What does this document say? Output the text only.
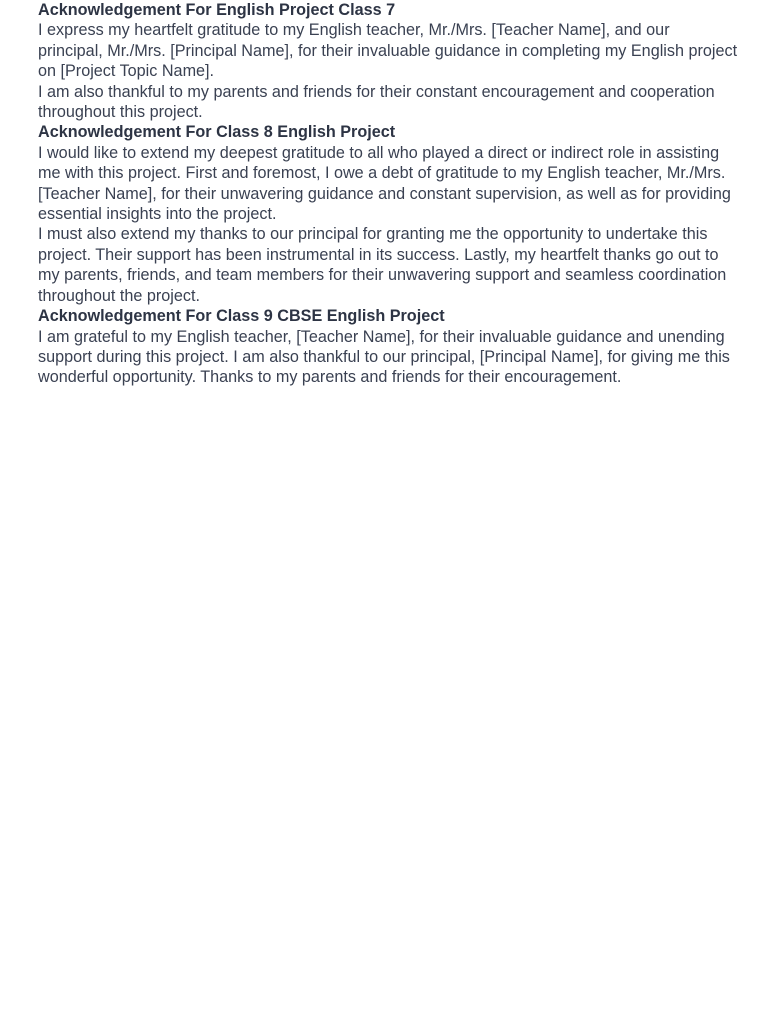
Acknowledgement For English Project Class 7

I express my heartfelt gratitude to my English teacher, Mr./Mrs. [Teacher Name], and our principal, Mr./Mrs. [Principal Name], for their invaluable guidance in completing my English project on [Project Topic Name].

I am also thankful to my parents and friends for their constant encouragement and cooperation throughout this project.

Acknowledgement For Class 8 English Project

I would like to extend my deepest gratitude to all who played a direct or indirect role in assisting me with this project. First and foremost, I owe a debt of gratitude to my English teacher, Mr./Mrs. [Teacher Name], for their unwavering guidance and constant supervision, as well as for providing essential insights into the project.

I must also extend my thanks to our principal for granting me the opportunity to undertake this project. Their support has been instrumental in its success. Lastly, my heartfelt thanks go out to my parents, friends, and team members for their unwavering support and seamless coordination throughout the project.

Acknowledgement For Class 9 CBSE English Project

I am grateful to my English teacher, [Teacher Name], for their invaluable guidance and unending support during this project. I am also thankful to our principal, [Principal Name], for giving me this wonderful opportunity. Thanks to my parents and friends for their encouragement.
